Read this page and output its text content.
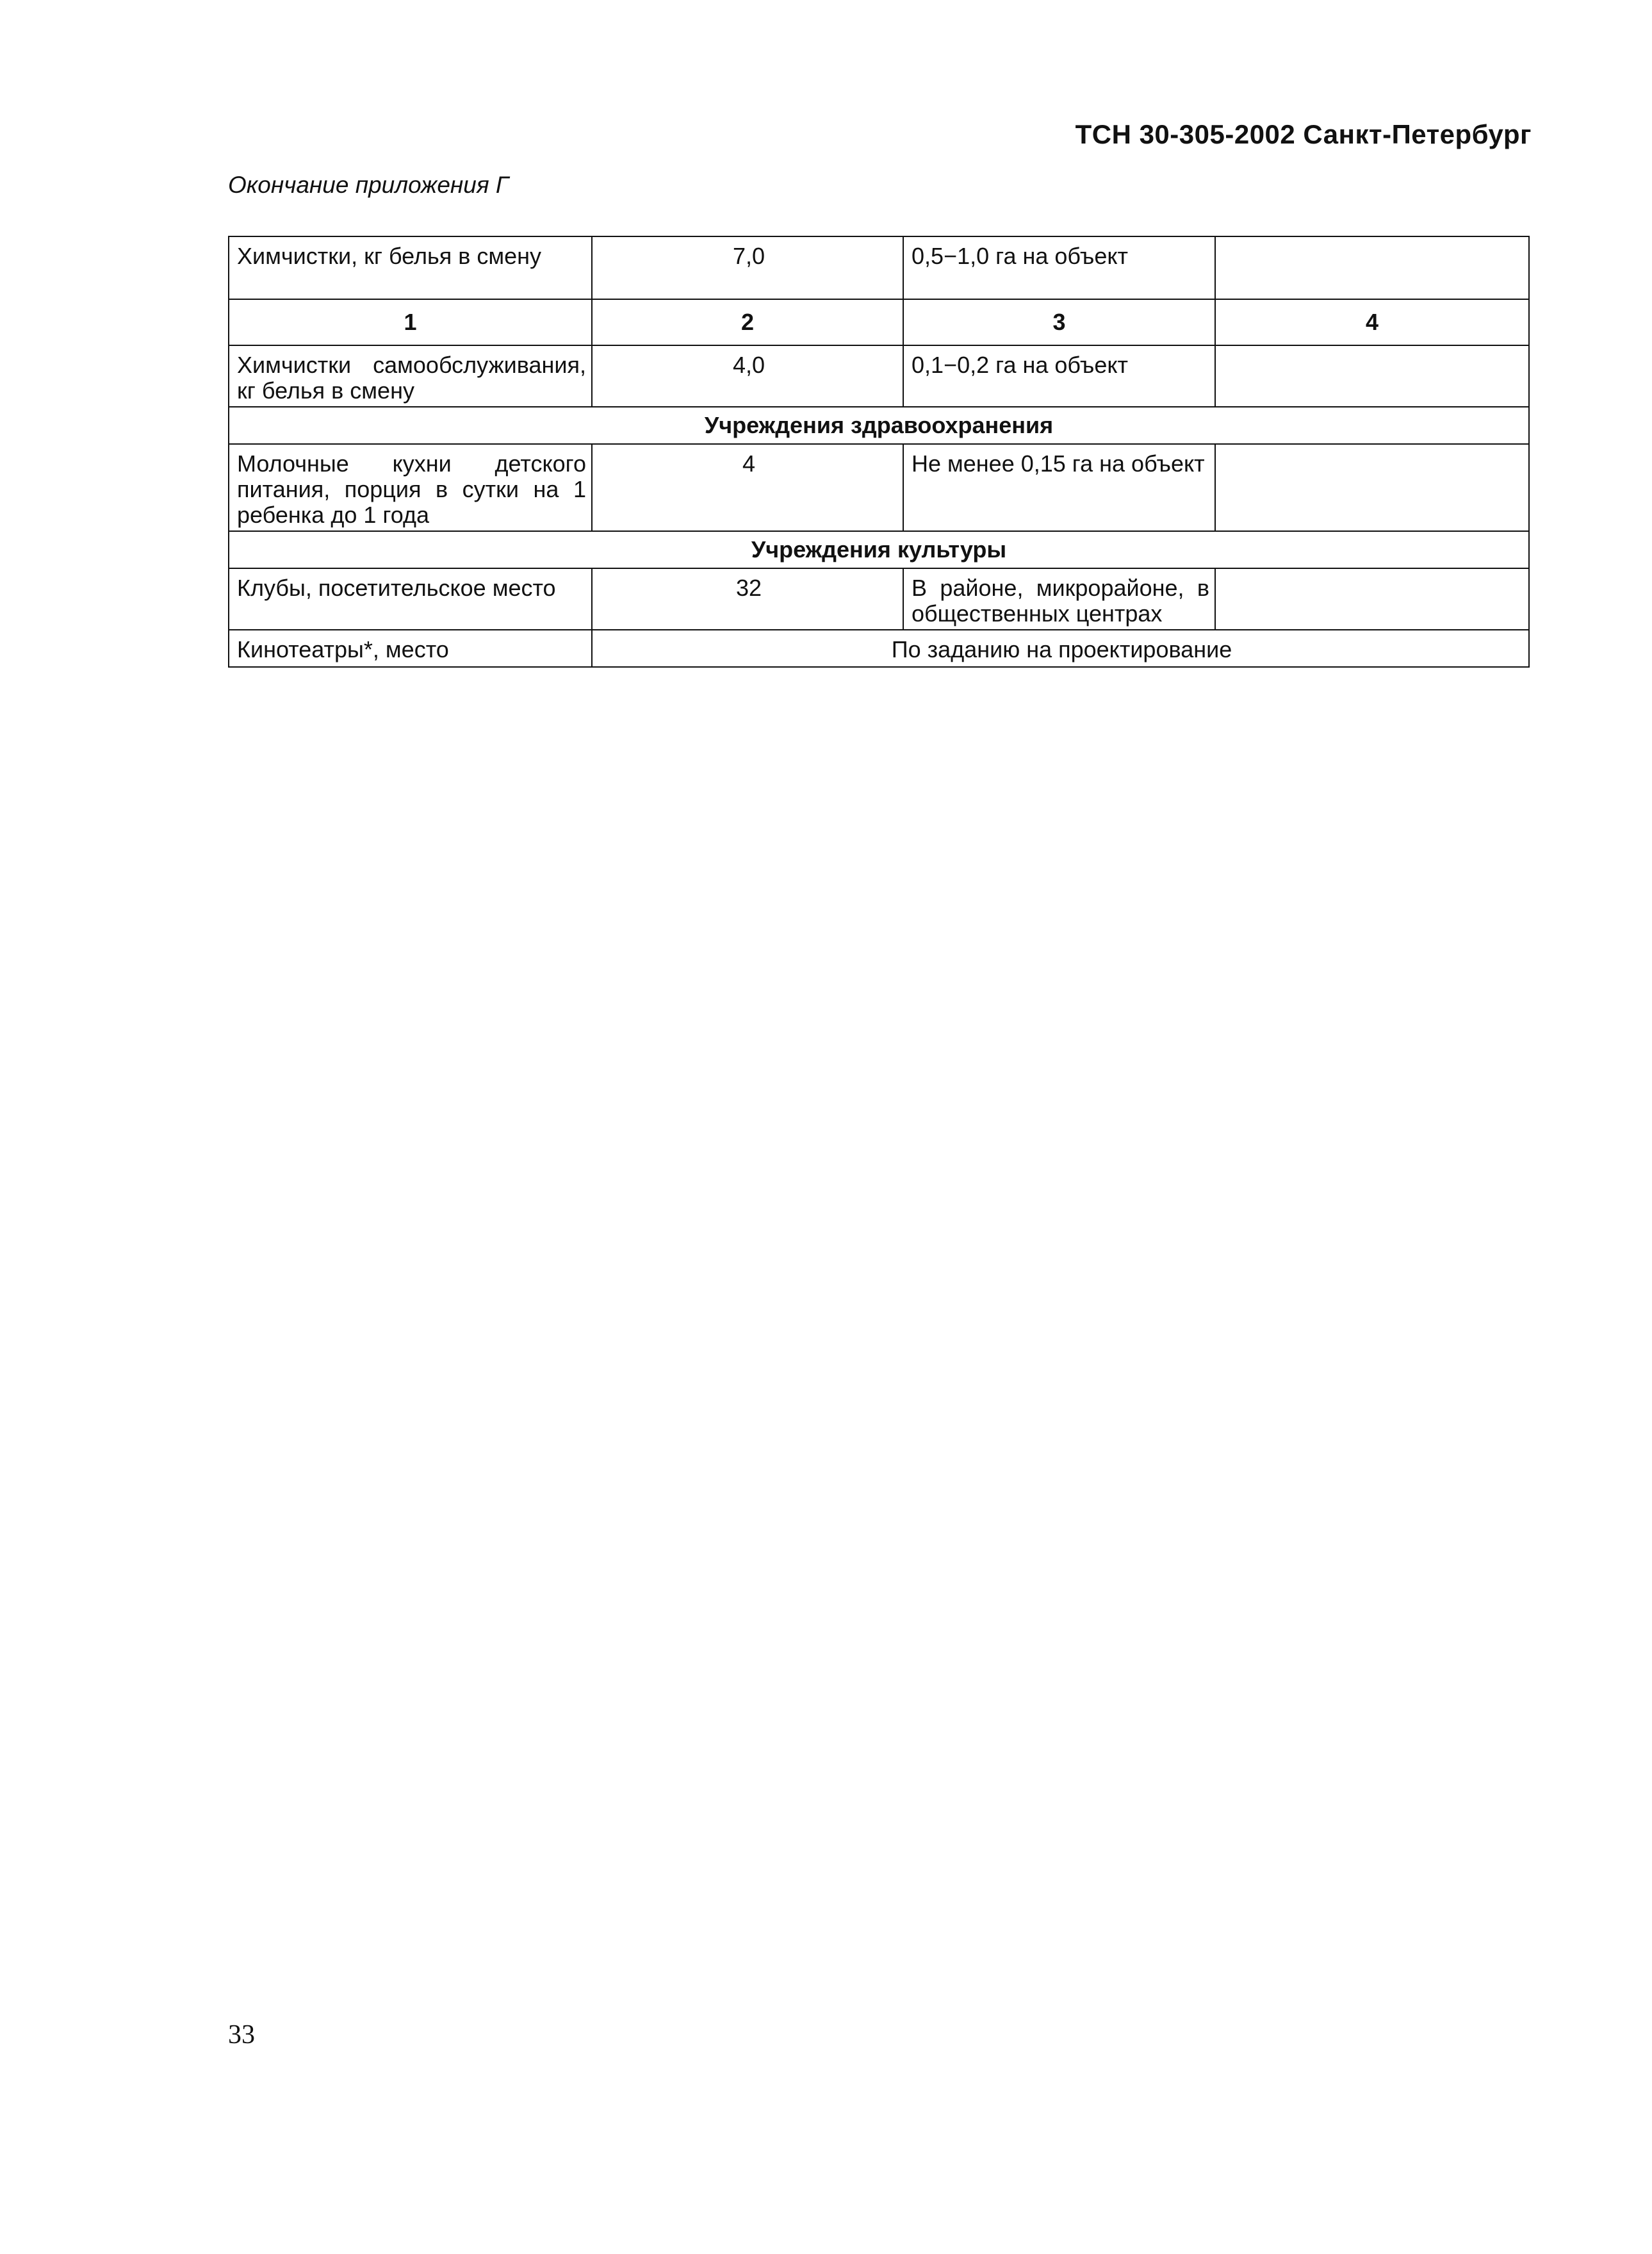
ТСН 30-305-2002 Санкт-Петербург
Окончание приложения Г
Химчистки, кг белья в смену	7,0	0,5−1,0 га на объект	
1	2	3	4
Химчистки самообслуживания, кг белья в смену	4,0	0,1−0,2 га на объект	
Учреждения здравоохранения			
Молочные кухни детского питания, порция в сутки на 1 ребенка до 1 года	4	Не менее 0,15 га на объект	
Учреждения культуры			
Клубы, посетительское место	32	В районе, микрорайоне, в общественных центрах	
Кинотеатры*, место	По заданию на проектирование		
33
